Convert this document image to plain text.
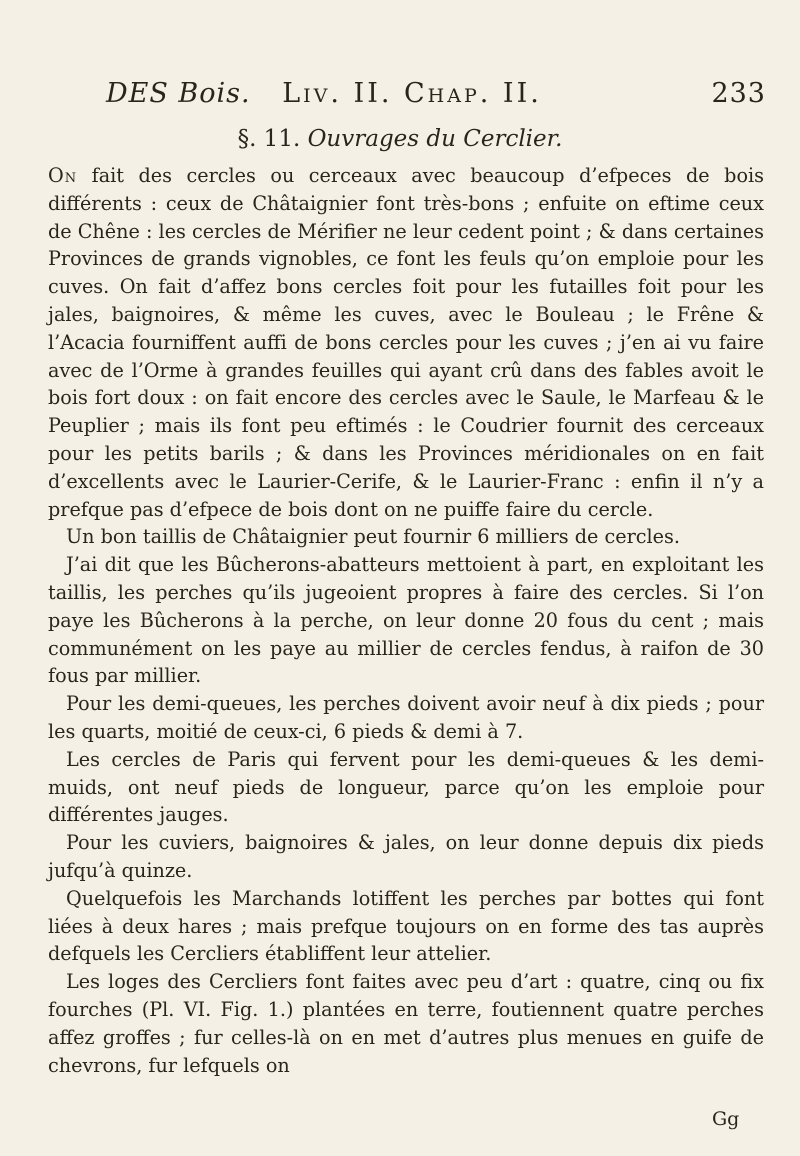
DES Bois. Liv. II. Chap. II.	233
§. 11. Ouvrages du Cerclier.

On fait des cercles ou cerceaux avec beaucoup d’efpeces de bois différents : ceux de Châtaignier font très-bons ; enfuite on eftime ceux de Chêne : les cercles de Mérifier ne leur cedent point ; & dans certaines Provinces de grands vignobles, ce font les feuls qu’on emploie pour les cuves. On fait d’affez bons cercles foit pour les futailles foit pour les jales, baignoires, & même les cuves, avec le Bouleau ; le Frêne & l’Acacia fourniffent auffi de bons cercles pour les cuves ; j’en ai vu faire avec de l’Orme à grandes feuilles qui ayant crû dans des fables avoit le bois fort doux : on fait encore des cercles avec le Saule, le Marfeau & le Peuplier ; mais ils font peu eftimés : le Coudrier fournit des cerceaux pour les petits barils ; & dans les Provinces méridionales on en fait d’excellents avec le Laurier-Cerife, & le Laurier-Franc : enfin il n’y a prefque pas d’efpece de bois dont on ne puiffe faire du cercle.

Un bon taillis de Châtaignier peut fournir 6 milliers de cercles.

J’ai dit que les Bûcherons-abatteurs mettoient à part, en exploitant les taillis, les perches qu’ils jugeoient propres à faire des cercles. Si l’on paye les Bûcherons à la perche, on leur donne 20 fous du cent ; mais communément on les paye au millier de cercles fendus, à raifon de 30 fous par millier.

Pour les demi-queues, les perches doivent avoir neuf à dix pieds ; pour les quarts, moitié de ceux-ci, 6 pieds & demi à 7.

Les cercles de Paris qui fervent pour les demi-queues & les demi-muids, ont neuf pieds de longueur, parce qu’on les emploie pour différentes jauges.

Pour les cuviers, baignoires & jales, on leur donne depuis dix pieds jufqu’à quinze.

Quelquefois les Marchands lotiffent les perches par bottes qui font liées à deux hares ; mais prefque toujours on en forme des tas auprès defquels les Cercliers établiffent leur attelier.

Les loges des Cercliers font faites avec peu d’art : quatre, cinq ou fix fourches (Pl. VI. Fig. 1.) plantées en terre, foutiennent quatre perches affez groffes ; fur celles-là on en met d’autres plus menues en guife de chevrons, fur lefquels on

Gg
